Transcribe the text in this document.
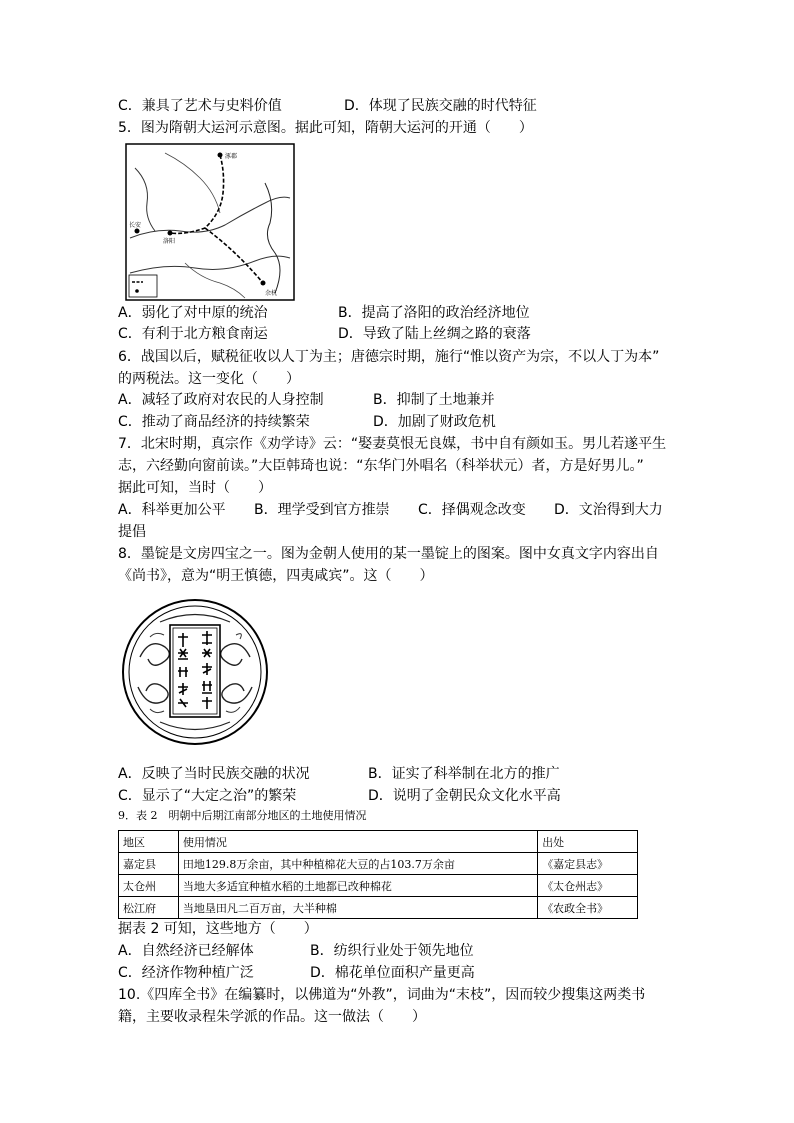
C．兼具了艺术与史料价值	D．体现了民族交融的时代特征
5．图为隋朝大运河示意图。据此可知，隋朝大运河的开通（　　）
涿郡
长安
洛阳
余杭
A．弱化了对中原的统治	B．提高了洛阳的政治经济地位
C．有利于北方粮食南运	D．导致了陆上丝绸之路的衰落
6．战国以后，赋税征收以人丁为主；唐德宗时期，施行“惟以资产为宗，不以人丁为本”
的两税法。这一变化（　　）
A．减轻了政府对农民的人身控制	B．抑制了土地兼并
C．推动了商品经济的持续繁荣	D．加剧了财政危机
7．北宋时期，真宗作《劝学诗》云：“娶妻莫恨无良媒，书中自有颜如玉。男儿若遂平生
志，六经勤向窗前读。”大臣韩琦也说：“东华门外唱名（科举状元）者，方是好男儿。”
据此可知，当时（　　）
A．科举更加公平 B．理学受到官方推崇 C．择偶观念改变 D．文治得到大力
提倡
8．墨锭是文房四宝之一。图为金朝人使用的某一墨锭上的图案。图中女真文字内容出自
《尚书》，意为“明王慎德，四夷咸宾”。这（　　）
A．反映了当时民族交融的状况	B．证实了科举制在北方的推广
C．显示了“大定之治”的繁荣	D．说明了金朝民众文化水平高
9．表 2　明朝中后期江南部分地区的土地使用情况
地区	使用情况	出处
嘉定县	田地129.8万余亩，其中种植棉花大豆的占103.7万余亩	《嘉定县志》
太仓州	当地大多适宜种植水稻的土地都已改种棉花	《太仓州志》
松江府	当地垦田凡二百万亩，大半种棉	《农政全书》
据表 2 可知，这些地方（　　）
A．自然经济已经解体	B．纺织行业处于领先地位
C．经济作物种植广泛	D．棉花单位面积产量更高
10.《四库全书》在编纂时，以佛道为“外教”，词曲为“末枝”，因而较少搜集这两类书
籍，主要收录程朱学派的作品。这一做法（　　）
